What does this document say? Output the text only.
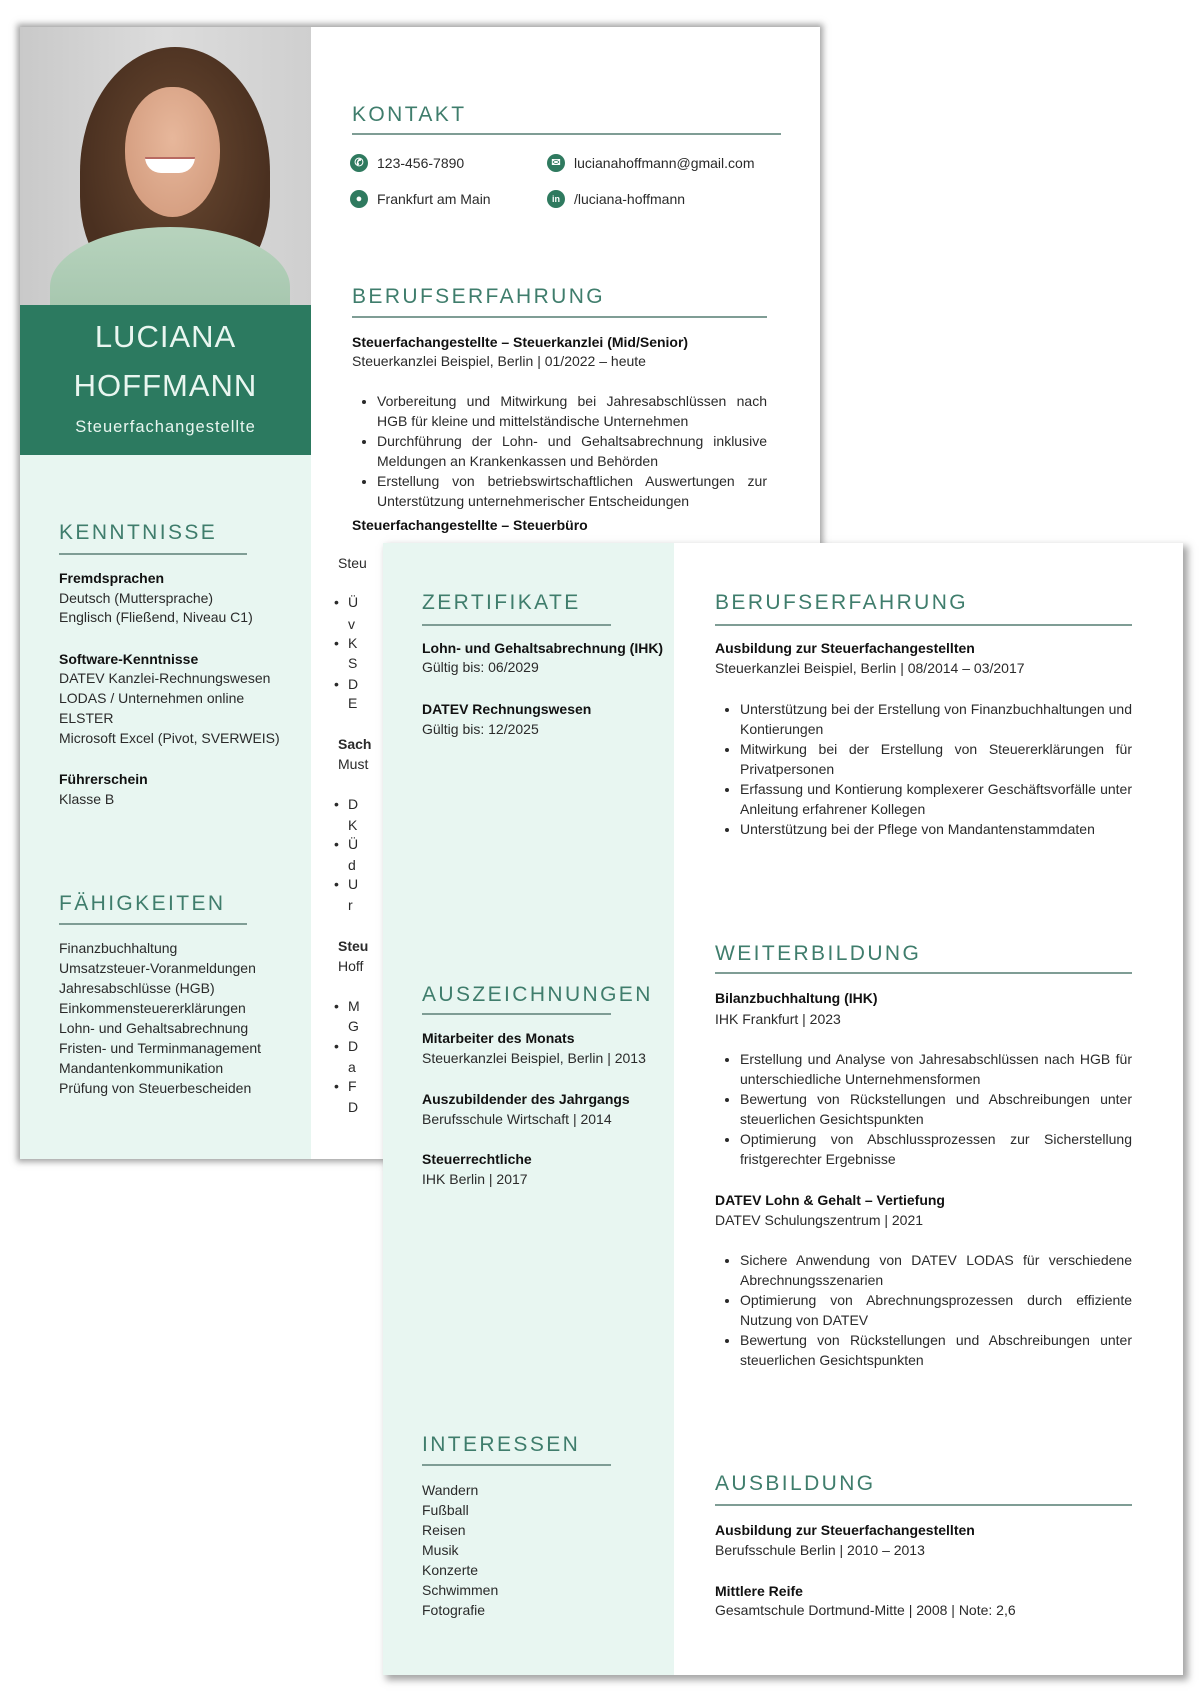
LUCIANA
HOFFMANN
Steuerfachangestellte
KENNTNISSE
Fremdsprachen
Deutsch (Muttersprache)
Englisch (Fließend, Niveau C1)
Software-Kenntnisse
DATEV Kanzlei-Rechnungswesen
LODAS / Unternehmen online
ELSTER
Microsoft Excel (Pivot, SVERWEIS)
Führerschein
Klasse B
FÄHIGKEITEN
Finanzbuchhaltung
Umsatzsteuer-Voranmeldungen
Jahresabschlüsse (HGB)
Einkommensteuererklärungen
Lohn- und Gehaltsabrechnung
Fristen- und Terminmanagement
Mandantenkommunikation
Prüfung von Steuerbescheiden
KONTAKT
✆ 123-456-7890
●	Frankfurt am Main
✉ lucianahoffmann@gmail.com
in	/luciana-hoffmann
BERUFSERFAHRUNG
Steuerfachangestellte – Steuerkanzlei (Mid/Senior)
Steuerkanzlei Beispiel, Berlin | 01/2022 – heute
• Vorbereitung und Mitwirkung bei Jahresabschlüssen nach HGB für kleine und mittelständische Unternehmen
• Durchführung der Lohn- und Gehaltsabrechnung inklusive Meldungen an Krankenkassen und Behörden
• Erstellung von betriebswirtschaftlichen Auswertungen zur Unterstützung unternehmerischer Entscheidungen
Steuerfachangestellte – Steuerbüro
Steu
Sach
Must
Steu
Hoff
• Ü
v
• K
S
• D
E
• D
K
• Ü
d
• U
r
• M
G
• D
a
• F
D
ZERTIFIKATE
Lohn- und Gehaltsabrechnung (IHK)
Gültig bis: 06/2029
DATEV Rechnungswesen
Gültig bis: 12/2025
AUSZEICHNUNGEN
Mitarbeiter des Monats
Steuerkanzlei Beispiel, Berlin | 2013
Auszubildender des Jahrgangs
Berufsschule Wirtschaft | 2014
Steuerrechtliche
IHK Berlin | 2017
INTERESSEN
Wandern
Fußball
Reisen
Musik
Konzerte
Schwimmen
Fotografie
BERUFSERFAHRUNG
Ausbildung zur Steuerfachangestellten
Steuerkanzlei Beispiel, Berlin | 08/2014 – 03/2017
• Unterstützung bei der Erstellung von Finanzbuchhaltungen und Kontierungen
• Mitwirkung bei der Erstellung von Steuererklärungen für Privatpersonen
• Erfassung und Kontierung komplexerer Geschäftsvorfälle unter Anleitung erfahrener Kollegen
• Unterstützung bei der Pflege von Mandantenstammdaten
WEITERBILDUNG
Bilanzbuchhaltung (IHK)
IHK Frankfurt | 2023
• Erstellung und Analyse von Jahresabschlüssen nach HGB für unterschiedliche Unternehmensformen
• Bewertung von Rückstellungen und Abschreibungen unter steuerlichen Gesichtspunkten
• Optimierung von Abschlussprozessen zur Sicherstellung fristgerechter Ergebnisse
DATEV Lohn & Gehalt – Vertiefung
DATEV Schulungszentrum | 2021
• Sichere Anwendung von DATEV LODAS für verschiedene Abrechnungsszenarien
• Optimierung von Abrechnungsprozessen durch effiziente Nutzung von DATEV
• Bewertung von Rückstellungen und Abschreibungen unter steuerlichen Gesichtspunkten
AUSBILDUNG
Ausbildung zur Steuerfachangestellten
Berufsschule Berlin | 2010 – 2013
Mittlere Reife
Gesamtschule Dortmund-Mitte | 2008 | Note: 2,6
